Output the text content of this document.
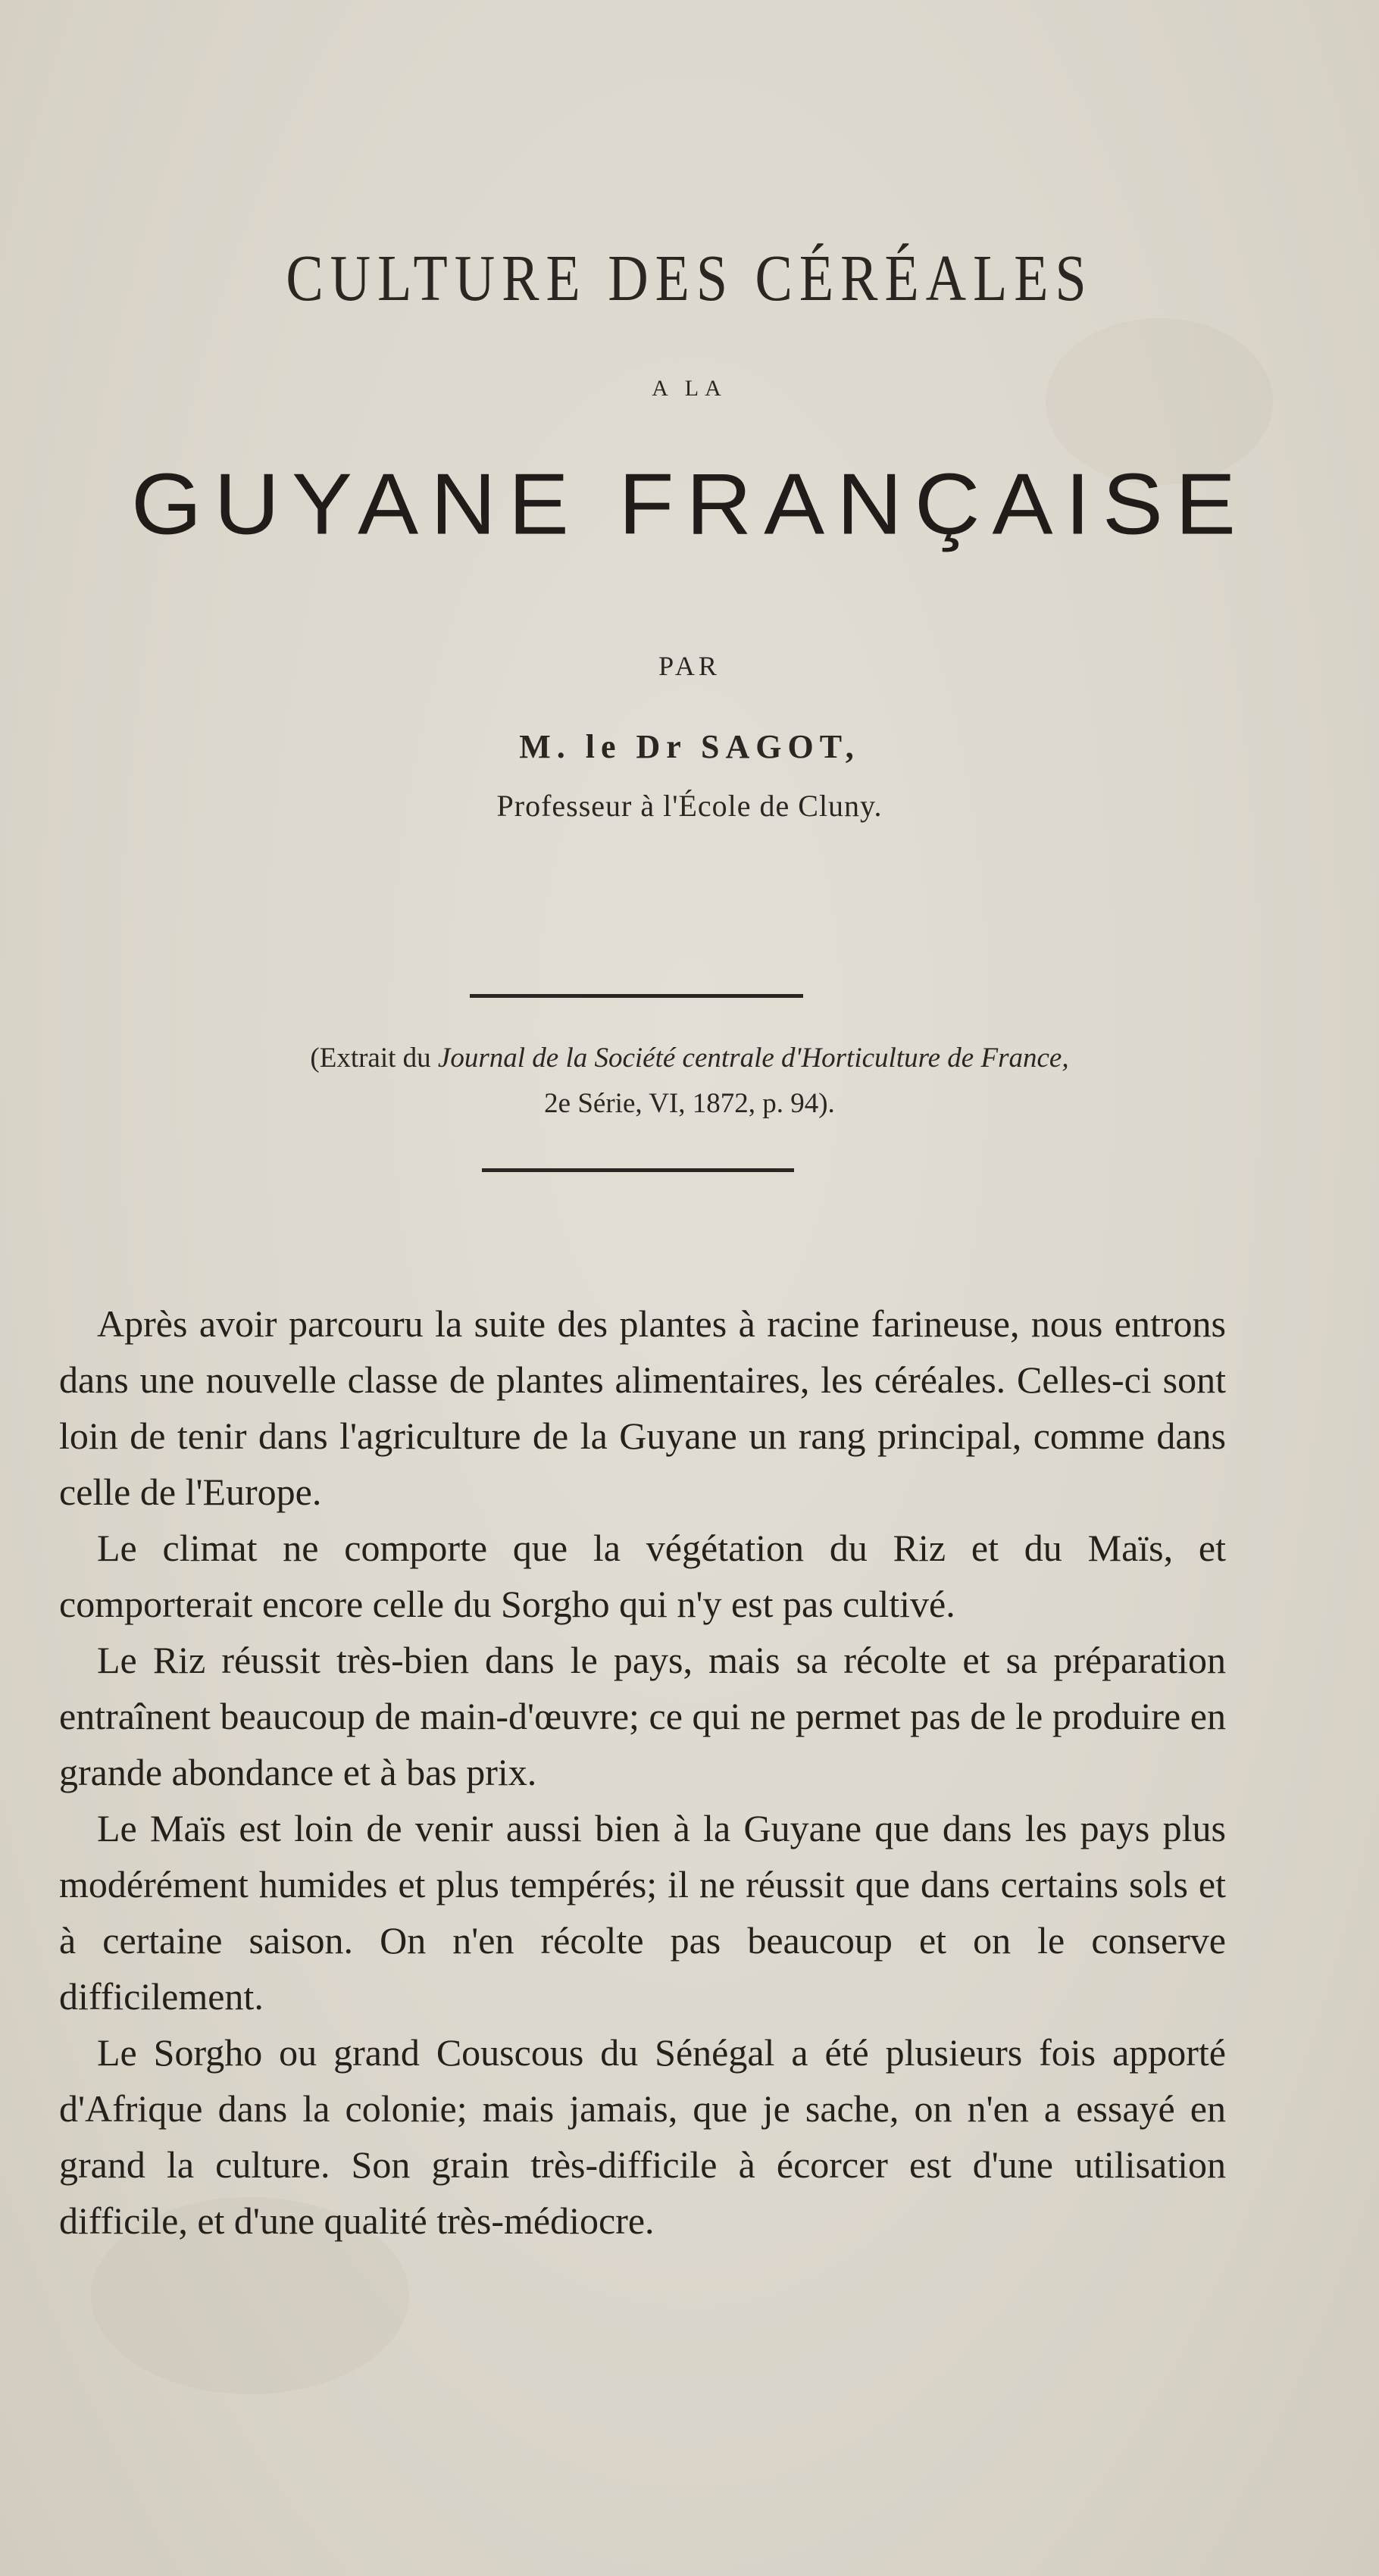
CULTURE DES CÉRÉALES
A LA
GUYANE FRANÇAISE
PAR
M. le Dr SAGOT,
Professeur à l'École de Cluny.
(Extrait du Journal de la Société centrale d'Horticulture de France,
2e Série, VI, 1872, p. 94).

Après avoir parcouru la suite des plantes à racine farineuse, nous entrons dans une nouvelle classe de plantes alimentaires, les céréales. Celles-ci sont loin de tenir dans l'agriculture de la Guyane un rang principal, comme dans celle de l'Europe.

Le climat ne comporte que la végétation du Riz et du Maïs, et comporterait encore celle du Sorgho qui n'y est pas cultivé.

Le Riz réussit très-bien dans le pays, mais sa récolte et sa préparation entraînent beaucoup de main-d'œuvre; ce qui ne permet pas de le produire en grande abondance et à bas prix.

Le Maïs est loin de venir aussi bien à la Guyane que dans les pays plus modérément humides et plus tempérés; il ne réussit que dans certains sols et à certaine saison. On n'en récolte pas beaucoup et on le conserve difficilement.

Le Sorgho ou grand Couscous du Sénégal a été plusieurs fois apporté d'Afrique dans la colonie; mais jamais, que je sache, on n'en a essayé en grand la culture. Son grain très-difficile à écorcer est d'une utilisation difficile, et d'une qualité très-médiocre.
